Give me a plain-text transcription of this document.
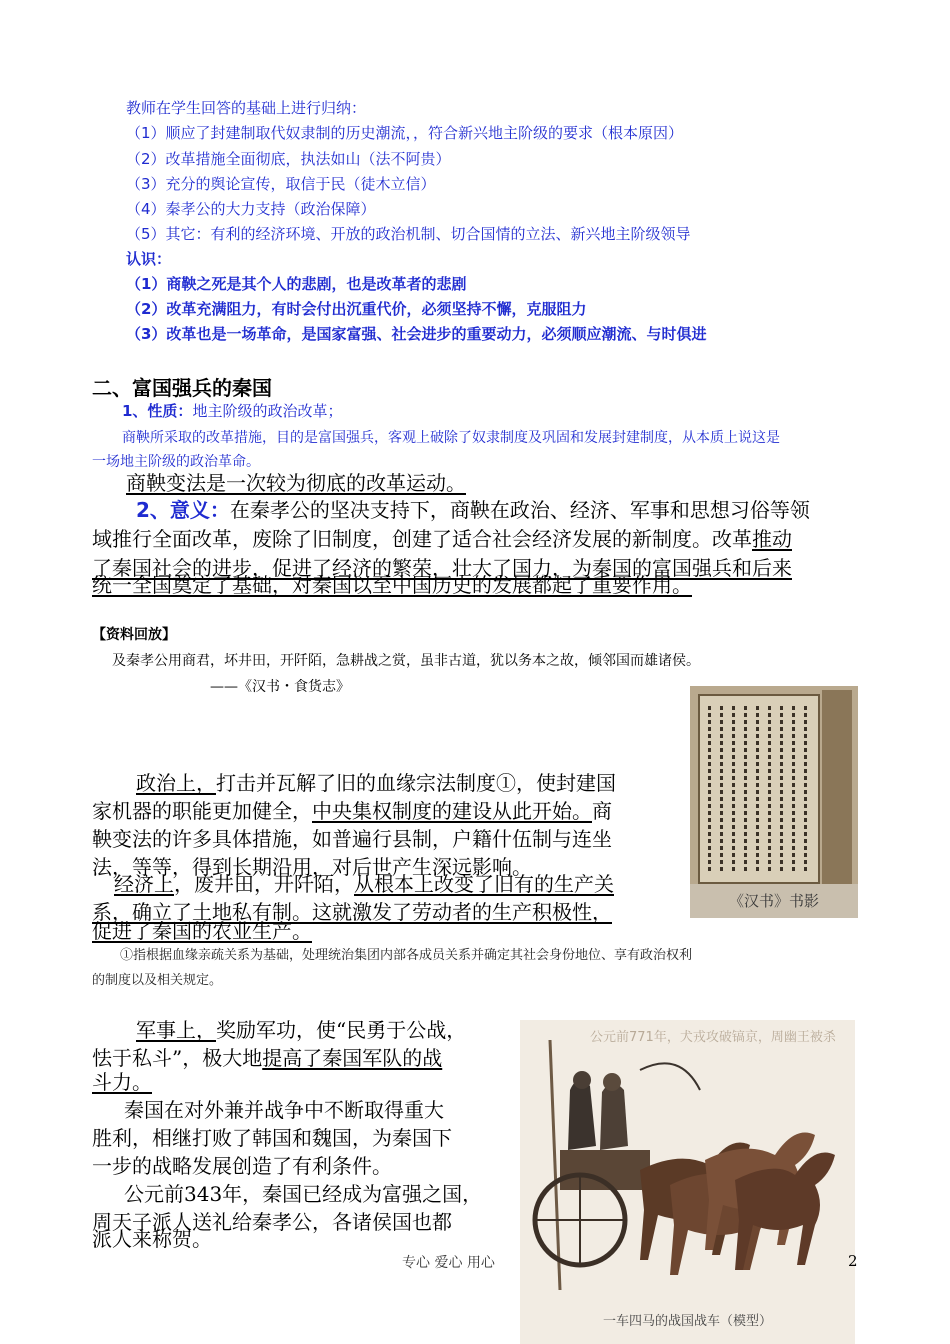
教师在学生回答的基础上进行归纳：
（1）顺应了封建制取代奴隶制的历史潮流，，符合新兴地主阶级的要求（根本原因）
（2）改革措施全面彻底，执法如山（法不阿贵）
（3）充分的舆论宣传，取信于民（徒木立信）
（4）秦孝公的大力支持（政治保障）
（5）其它：有利的经济环境、开放的政治机制、切合国情的立法、新兴地主阶级领导
认识：
（1）商鞅之死是其个人的悲剧，也是改革者的悲剧
（2）改革充满阻力，有时会付出沉重代价，必须坚持不懈，克服阻力
（3）改革也是一场革命，是国家富强、社会进步的重要动力，必须顺应潮流、与时俱进
二、富国强兵的秦国
1、性质：地主阶级的政治改革；
商鞅所采取的改革措施，目的是富国强兵，客观上破除了奴隶制度及巩固和发展封建制度，从本质上说这是
一场地主阶级的政治革命。
商鞅变法是一次较为彻底的改革运动。
2、意义：在秦孝公的坚决支持下，商鞅在政治、经济、军事和思想习俗等领
域推行全面改革，废除了旧制度，创建了适合社会经济发展的新制度。改革推动
了秦国社会的进步，促进了经济的繁荣，壮大了国力，为秦国的富国强兵和后来
统一全国奠定了基础，对秦国以至中国历史的发展都起了重要作用。
【资料回放】
及秦孝公用商君，坏井田，开阡陌，急耕战之赏，虽非古道，犹以务本之故，倾邻国而雄诸侯。
——《汉书・食货志》
《汉书》书影
政治上，打击并瓦解了旧的血缘宗法制度①，使封建国
家机器的职能更加健全，中央集权制度的建设从此开始。商
鞅变法的许多具体措施，如普遍行县制，户籍什伍制与连坐
法，等等，得到长期沿用，对后世产生深远影响。
经济上，废井田，开阡陌，从根本上改变了旧有的生产关
系，确立了土地私有制。这就激发了劳动者的生产积极性，
促进了秦国的农业生产。
①指根据血缘亲疏关系为基础，处理统治集团内部各成员关系并确定其社会身份地位、享有政治权利
的制度以及相关规定。
军事上，奖励军功，使“民勇于公战，
怯于私斗”，极大地提高了秦国军队的战
斗力。
秦国在对外兼并战争中不断取得重大
胜利，相继打败了韩国和魏国，为秦国下
一步的战略发展创造了有利条件。
公元前343年，秦国已经成为富强之国，
周天子派人送礼给秦孝公，各诸侯国也都
派人来称贺。
公元前771年，犬戎攻破镐京，周幽王被杀
一车四马的战国战车（模型）
专心 爱心 用心	2
